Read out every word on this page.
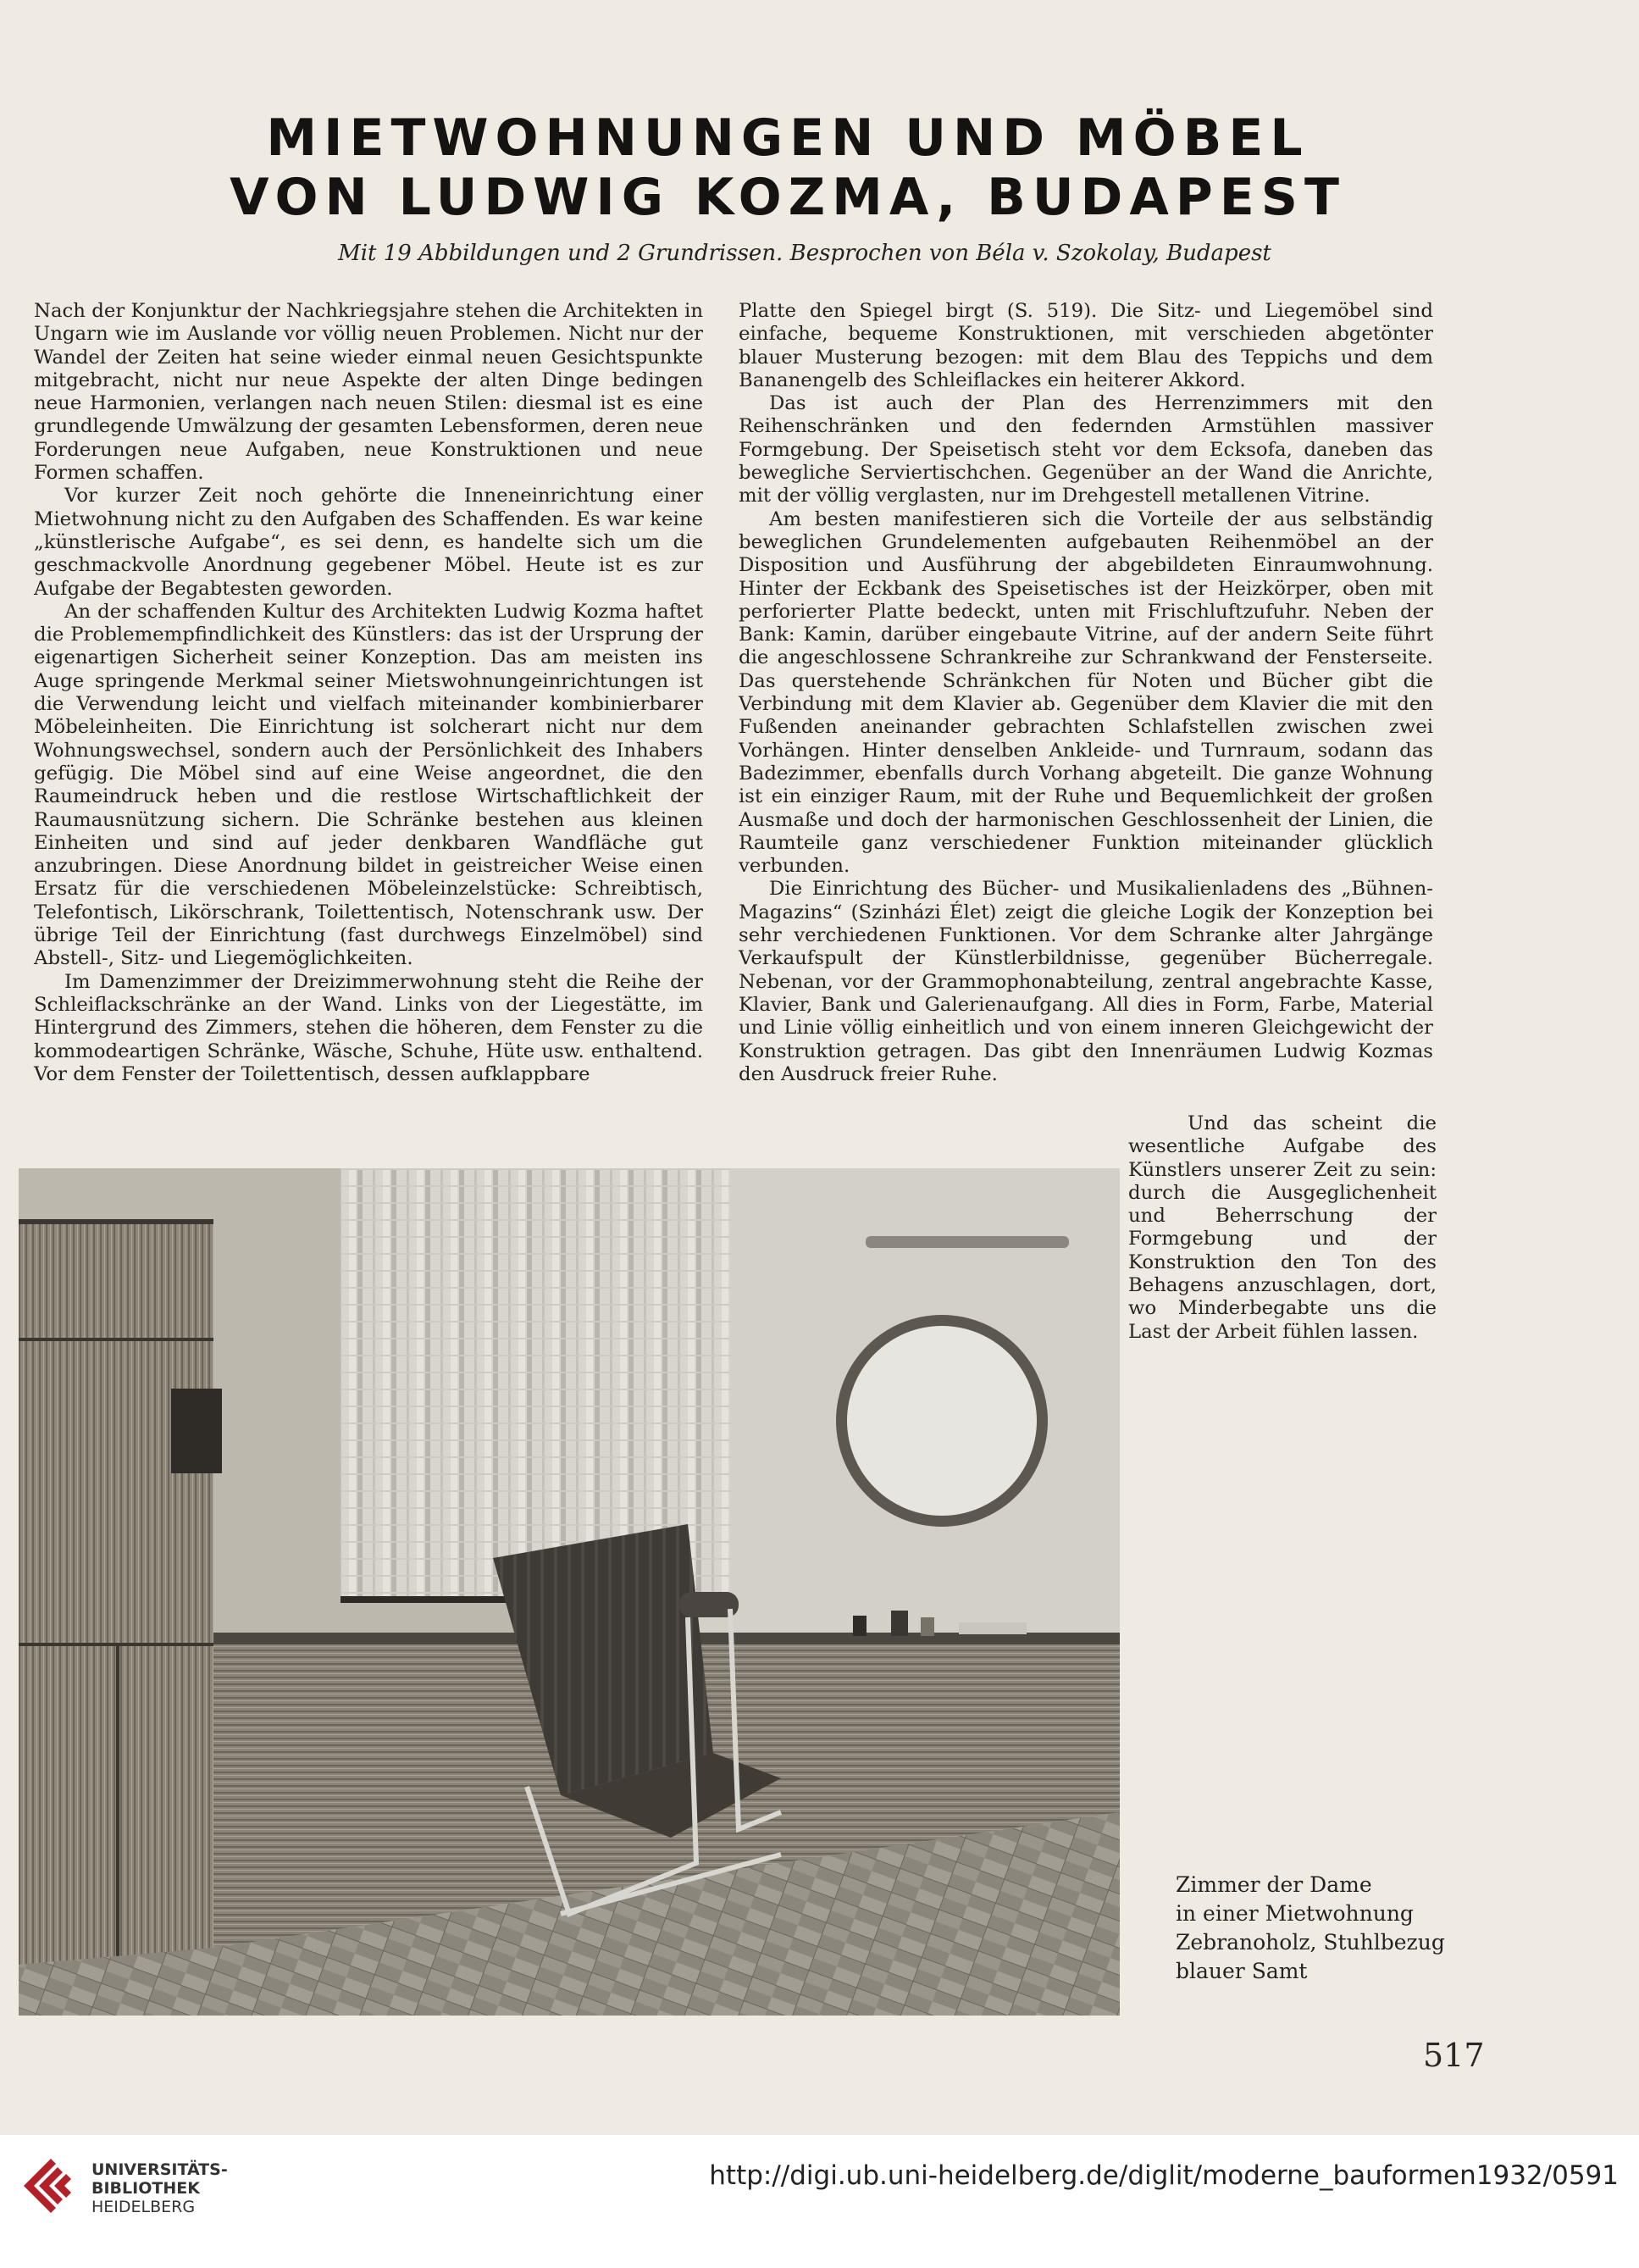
MIETWOHNUNGEN UND MÖBEL
VON LUDWIG KOZMA, BUDAPEST
Mit 19 Abbildungen und 2 Grundrissen. Besprochen von Béla v. Szokolay, Budapest

Nach der Konjunktur der Nachkriegsjahre stehen die Architekten in Ungarn wie im Auslande vor völlig neuen Problemen. Nicht nur der Wandel der Zeiten hat seine wieder einmal neuen Gesichtspunkte mitgebracht, nicht nur neue Aspekte der alten Dinge bedingen neue Harmonien, verlangen nach neuen Stilen: diesmal ist es eine grundlegende Umwälzung der gesamten Lebensformen, deren neue Forderungen neue Aufgaben, neue Konstruktionen und neue Formen schaffen.

Vor kurzer Zeit noch gehörte die Inneneinrichtung einer Mietwohnung nicht zu den Aufgaben des Schaffenden. Es war keine „künstlerische Aufgabe“, es sei denn, es handelte sich um die geschmackvolle Anordnung gegebener Möbel. Heute ist es zur Aufgabe der Begabtesten geworden.

An der schaffenden Kultur des Architekten Ludwig Kozma haftet die Problemempfindlichkeit des Künstlers: das ist der Ursprung der eigenartigen Sicherheit seiner Konzeption. Das am meisten ins Auge springende Merkmal seiner Mietswohnungeinrichtungen ist die Verwendung leicht und vielfach miteinander kombinierbarer Möbeleinheiten. Die Einrichtung ist solcherart nicht nur dem Wohnungswechsel, sondern auch der Persönlichkeit des Inhabers gefügig. Die Möbel sind auf eine Weise angeordnet, die den Raumeindruck heben und die restlose Wirtschaftlichkeit der Raumausnützung sichern. Die Schränke bestehen aus kleinen Einheiten und sind auf jeder denkbaren Wandfläche gut anzubringen. Diese Anordnung bildet in geistreicher Weise einen Ersatz für die verschiedenen Möbeleinzelstücke: Schreibtisch, Telefontisch, Likörschrank, Toilettentisch, Notenschrank usw. Der übrige Teil der Einrichtung (fast durchwegs Einzelmöbel) sind Abstell-, Sitz- und Liegemöglichkeiten.

Im Damenzimmer der Dreizimmerwohnung steht die Reihe der Schleiflackschränke an der Wand. Links von der Liegestätte, im Hintergrund des Zimmers, stehen die höheren, dem Fenster zu die kommodeartigen Schränke, Wäsche, Schuhe, Hüte usw. enthaltend. Vor dem Fenster der Toilettentisch, dessen aufklappbare

Platte den Spiegel birgt (S. 519). Die Sitz- und Liegemöbel sind einfache, bequeme Konstruktionen, mit verschieden abgetönter blauer Musterung bezogen: mit dem Blau des Teppichs und dem Bananengelb des Schleiflackes ein heiterer Akkord.

Das ist auch der Plan des Herrenzimmers mit den Reihenschränken und den federnden Armstühlen massiver Formgebung. Der Speisetisch steht vor dem Ecksofa, daneben das bewegliche Serviertischchen. Gegenüber an der Wand die Anrichte, mit der völlig verglasten, nur im Drehgestell metallenen Vitrine.

Am besten manifestieren sich die Vorteile der aus selbständig beweglichen Grundelementen aufgebauten Reihenmöbel an der Disposition und Ausführung der abgebildeten Einraumwohnung. Hinter der Eckbank des Speisetisches ist der Heizkörper, oben mit perforierter Platte bedeckt, unten mit Frischluftzufuhr. Neben der Bank: Kamin, darüber eingebaute Vitrine, auf der andern Seite führt die angeschlossene Schrankreihe zur Schrankwand der Fensterseite. Das querstehende Schränkchen für Noten und Bücher gibt die Verbindung mit dem Klavier ab. Gegenüber dem Klavier die mit den Fußenden aneinander gebrachten Schlafstellen zwischen zwei Vorhängen. Hinter denselben Ankleide- und Turnraum, sodann das Badezimmer, ebenfalls durch Vorhang abgeteilt. Die ganze Wohnung ist ein einziger Raum, mit der Ruhe und Bequemlichkeit der großen Ausmaße und doch der harmonischen Geschlossenheit der Linien, die Raumteile ganz verschiedener Funktion miteinander glücklich verbunden.

Die Einrichtung des Bücher- und Musikalienladens des „Bühnen-Magazins“ (Szinházi Élet) zeigt die gleiche Logik der Konzeption bei sehr verchiedenen Funktionen. Vor dem Schranke alter Jahrgänge Verkaufspult der Künstlerbildnisse, gegenüber Bücherregale. Nebenan, vor der Grammophonabteilung, zentral angebrachte Kasse, Klavier, Bank und Galerienaufgang. All dies in Form, Farbe, Material und Linie völlig einheitlich und von einem inneren Gleichgewicht der Konstruktion getragen. Das gibt den Innenräumen Ludwig Kozmas den Ausdruck freier Ruhe.

Und das scheint die wesentliche Aufgabe des Künstlers unserer Zeit zu sein: durch die Ausgeglichenheit und Beherrschung der Formgebung und der Konstruktion den Ton des Behagens anzuschlagen, dort, wo Minderbegabte uns die Last der Arbeit fühlen lassen.
Zimmer der Dame
in einer Mietwohnung
Zebranoholz, Stuhlbezug
blauer Samt
517
UNIVERSITÄTS-
BIBLIOTHEK
HEIDELBERG
http://digi.ub.uni-heidelberg.de/diglit/moderne_bauformen1932/0591
